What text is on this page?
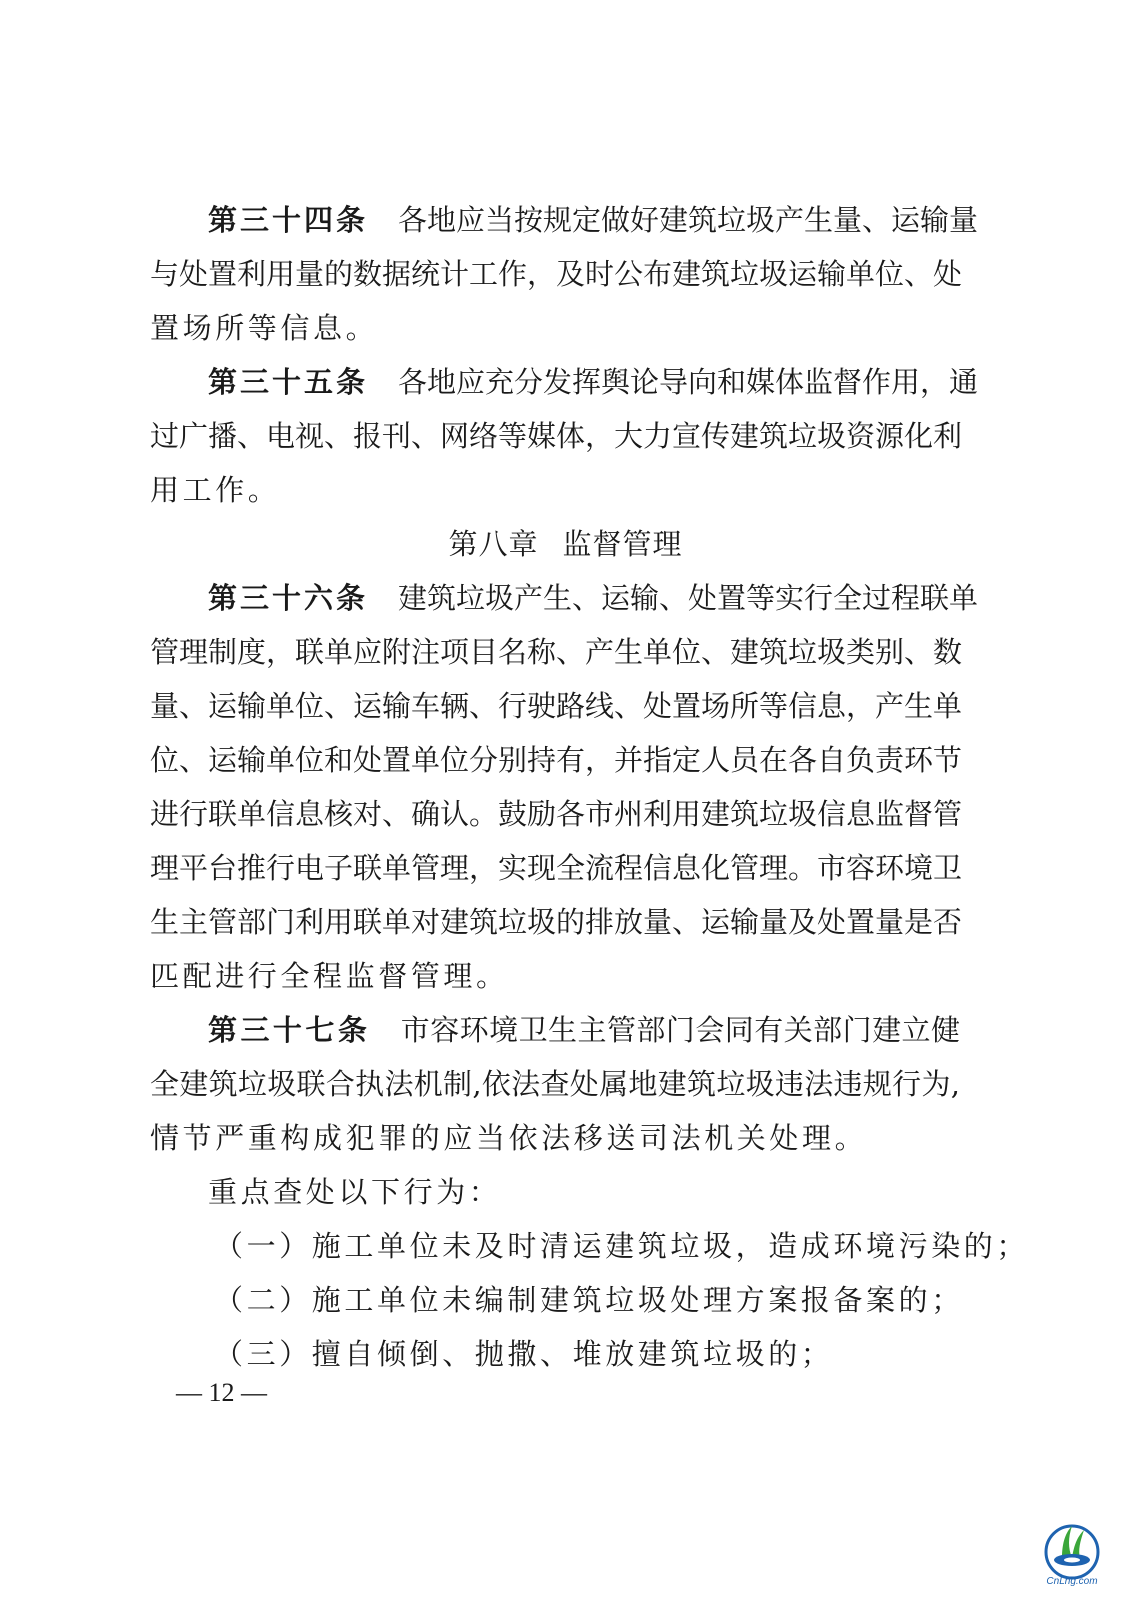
第三十四条 各地应当按规定做好建筑垃圾产生量、运输量
与处置利用量的数据统计工作，及时公布建筑垃圾运输单位、处
置场所等信息。
第三十五条 各地应充分发挥舆论导向和媒体监督作用，通
过广播、电视、报刊、网络等媒体，大力宣传建筑垃圾资源化利
用工作。
第八章 监督管理
第三十六条 建筑垃圾产生、运输、处置等实行全过程联单
管理制度，联单应附注项目名称、产生单位、建筑垃圾类别、数
量、运输单位、运输车辆、行驶路线、处置场所等信息，产生单
位、运输单位和处置单位分别持有，并指定人员在各自负责环节
进行联单信息核对、确认。鼓励各市州利用建筑垃圾信息监督管
理平台推行电子联单管理，实现全流程信息化管理。市容环境卫
生主管部门利用联单对建筑垃圾的排放量、运输量及处置量是否
匹配进行全程监督管理。
第三十七条 市容环境卫生主管部门会同有关部门建立健
全建筑垃圾联合执法机制,依法查处属地建筑垃圾违法违规行为,
情节严重构成犯罪的应当依法移送司法机关处理。
重点查处以下行为：
（一）施工单位未及时清运建筑垃圾，造成环境污染的；
（二）施工单位未编制建筑垃圾处理方案报备案的；
（三）擅自倾倒、抛撒、堆放建筑垃圾的；
— 12 —
CnLng.com
